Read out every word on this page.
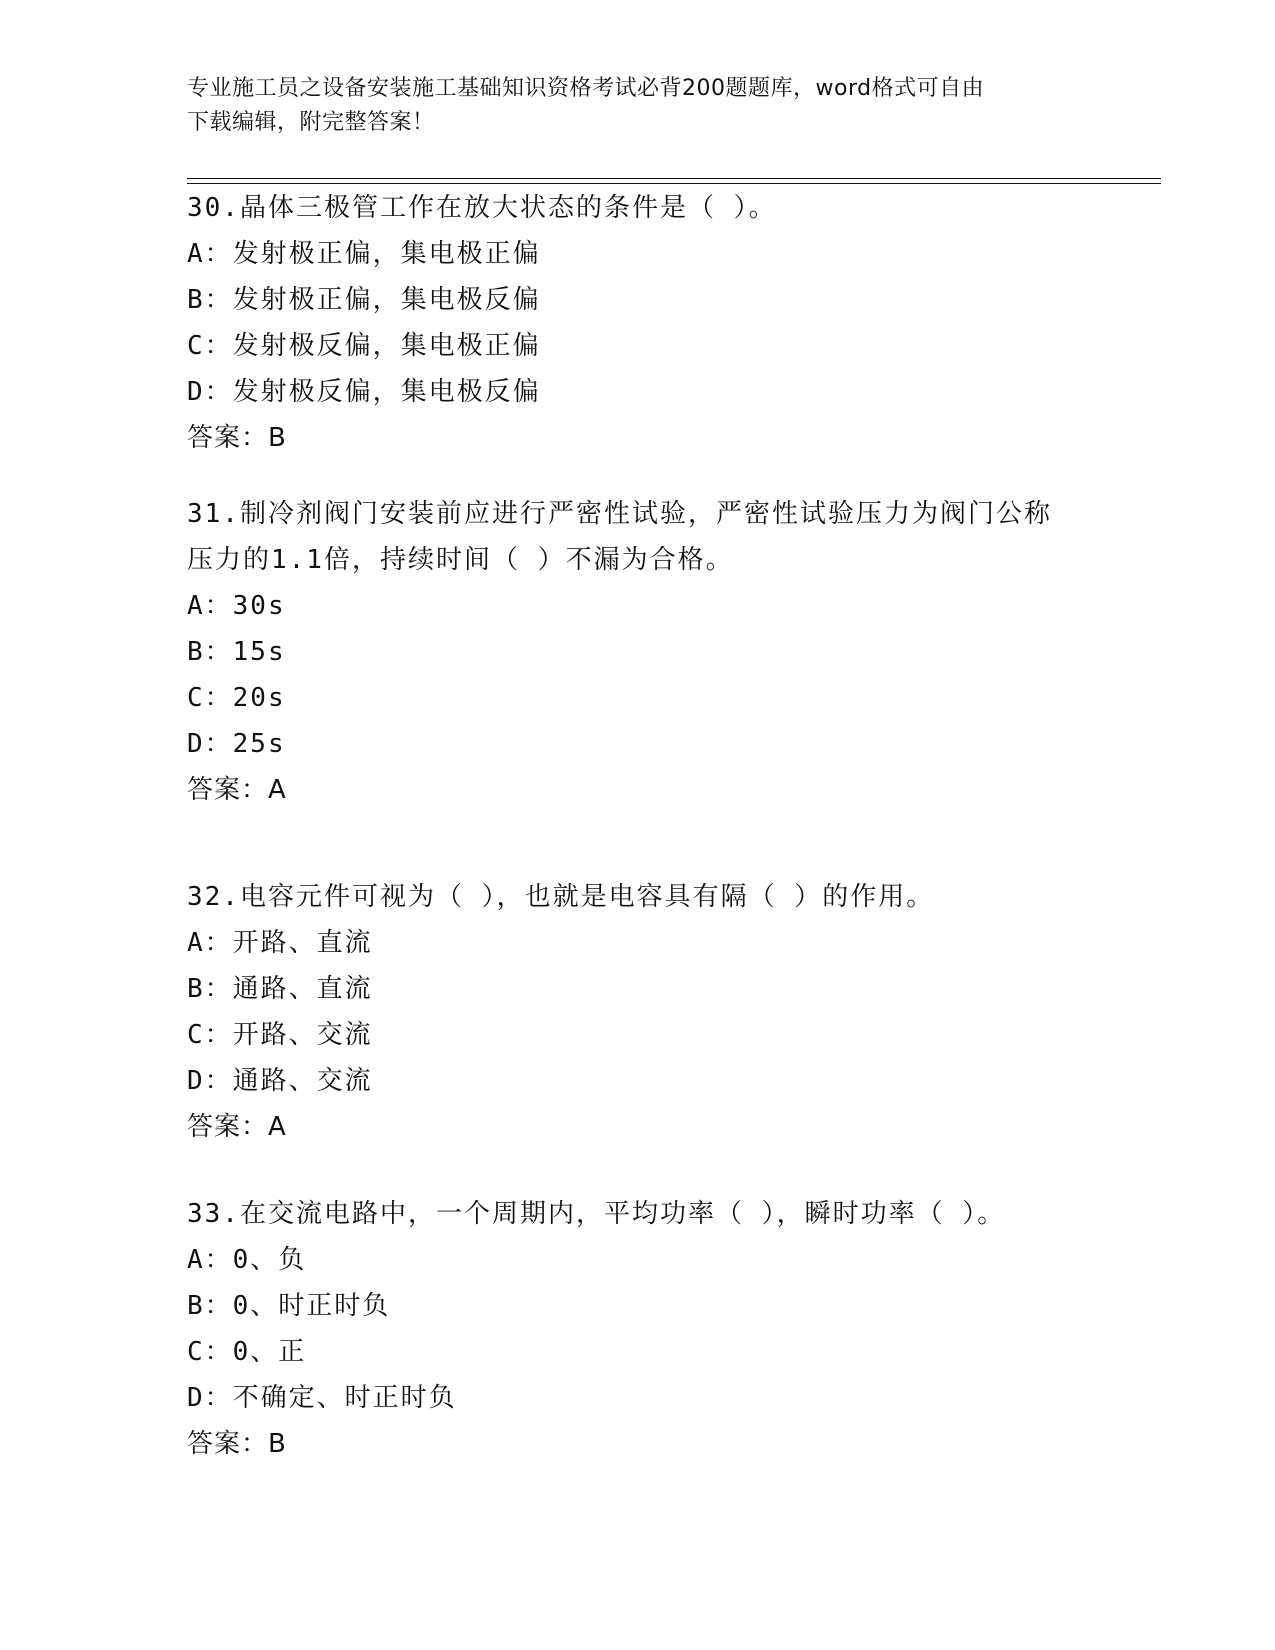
专业施工员之设备安装施工基础知识资格考试必背200题题库，word格式可自由
下载编辑，附完整答案！
30.晶体三极管工作在放大状态的条件是（ ）。
A：发射极正偏，集电极正偏
B：发射极正偏，集电极反偏
C：发射极反偏，集电极正偏
D：发射极反偏，集电极反偏
答案：B
31.制冷剂阀门安装前应进行严密性试验，严密性试验压力为阀门公称
压力的1.1倍，持续时间（ ）不漏为合格。
A：30s
B：15s
C：20s
D：25s
答案：A
32.电容元件可视为（ ），也就是电容具有隔（ ）的作用。
A：开路、直流
B：通路、直流
C：开路、交流
D：通路、交流
答案：A
33.在交流电路中，一个周期内，平均功率（ ），瞬时功率（ ）。
A：0、负
B：0、时正时负
C：0、正
D：不确定、时正时负
答案：B
